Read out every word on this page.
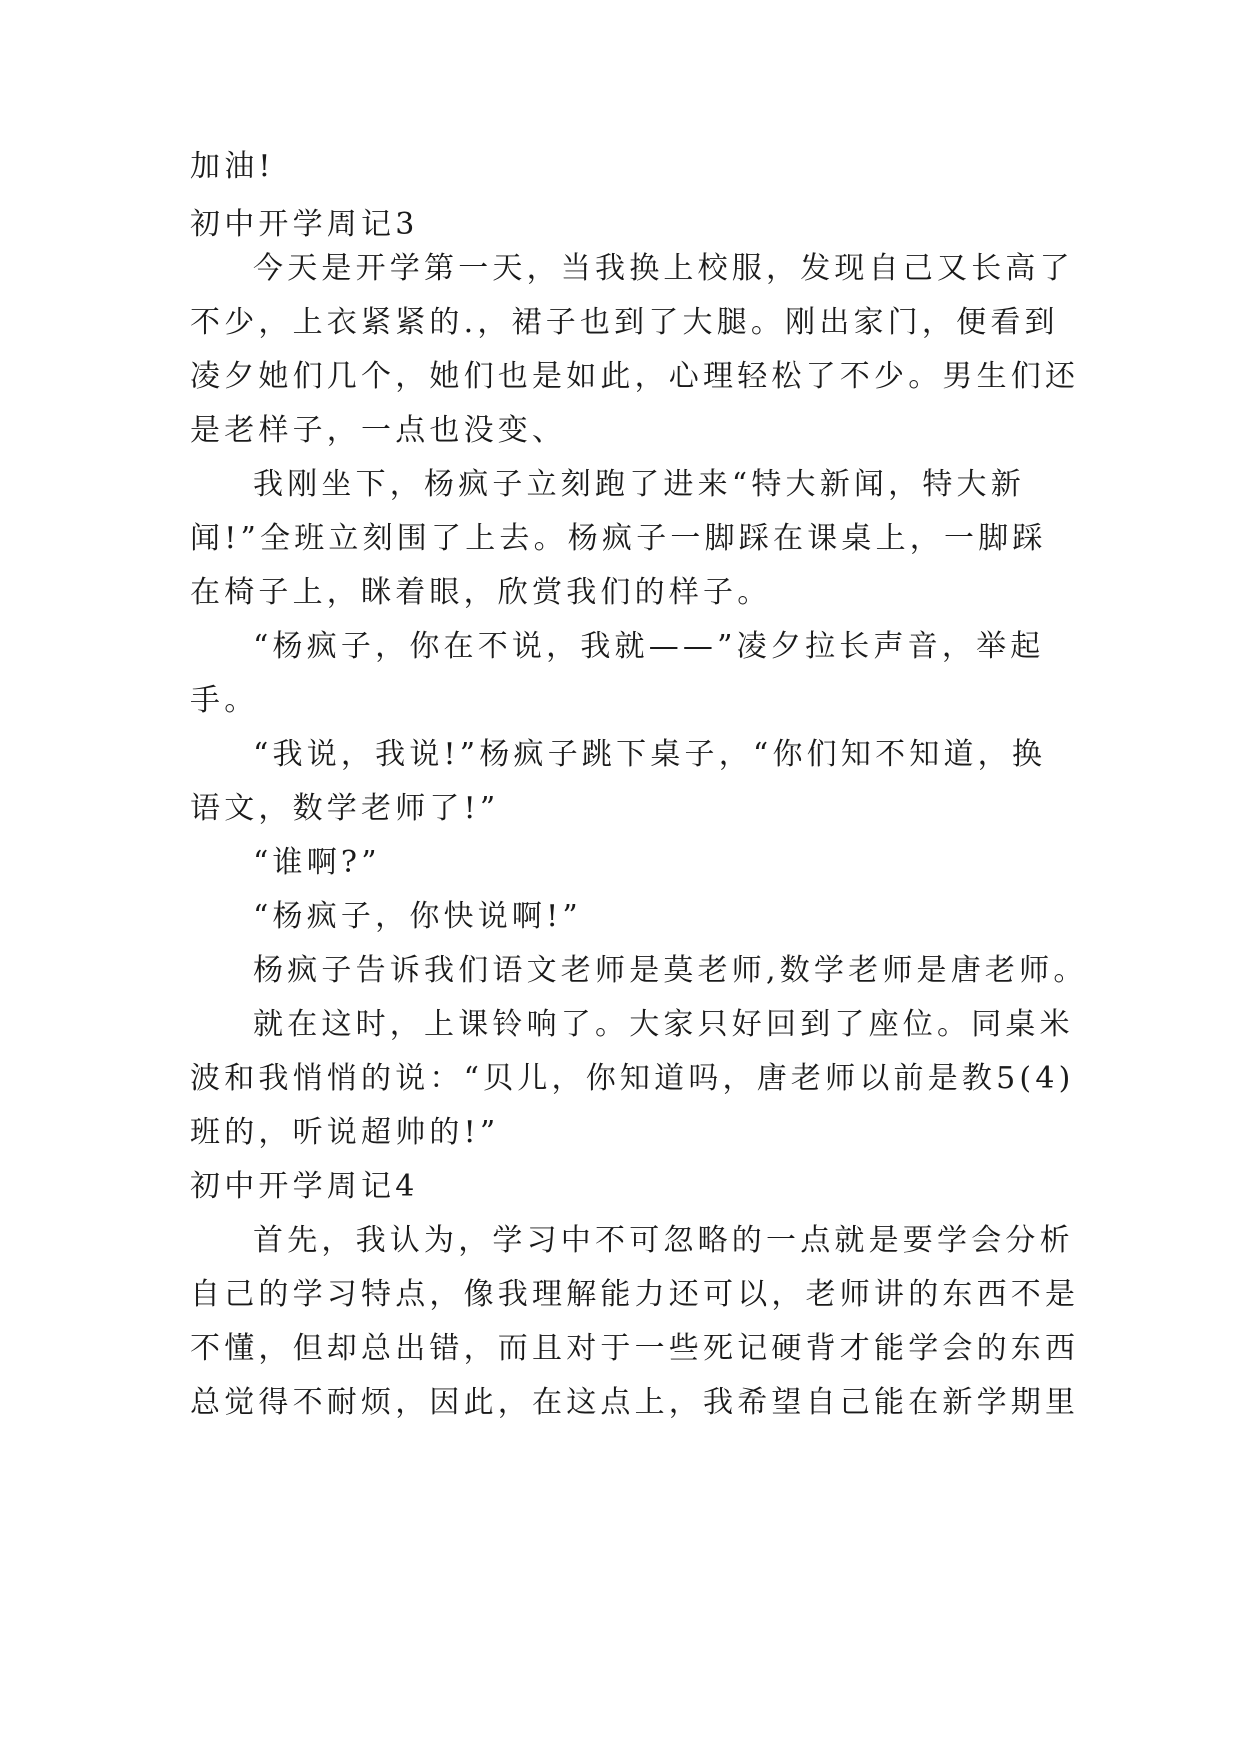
加油!
初中开学周记3
今天是开学第一天，当我换上校服，发现自己又长高了
不少，上衣紧紧的.，裙子也到了大腿。刚出家门，便看到
凌夕她们几个，她们也是如此，心理轻松了不少。男生们还
是老样子，一点也没变、
我刚坐下，杨疯子立刻跑了进来“特大新闻，特大新
闻!”全班立刻围了上去。杨疯子一脚踩在课桌上，一脚踩
在椅子上，眯着眼，欣赏我们的样子。
“杨疯子，你在不说，我就——”凌夕拉长声音，举起
手。
“我说，我说!”杨疯子跳下桌子，“你们知不知道，换
语文，数学老师了!”
“谁啊?”
“杨疯子，你快说啊!”
杨疯子告诉我们语文老师是莫老师,数学老师是唐老师。
就在这时，上课铃响了。大家只好回到了座位。同桌米
波和我悄悄的说：“贝儿，你知道吗，唐老师以前是教5(4)
班的，听说超帅的!”
初中开学周记4
首先，我认为，学习中不可忽略的一点就是要学会分析
自己的学习特点，像我理解能力还可以，老师讲的东西不是
不懂，但却总出错，而且对于一些死记硬背才能学会的东西
总觉得不耐烦，因此，在这点上，我希望自己能在新学期里
